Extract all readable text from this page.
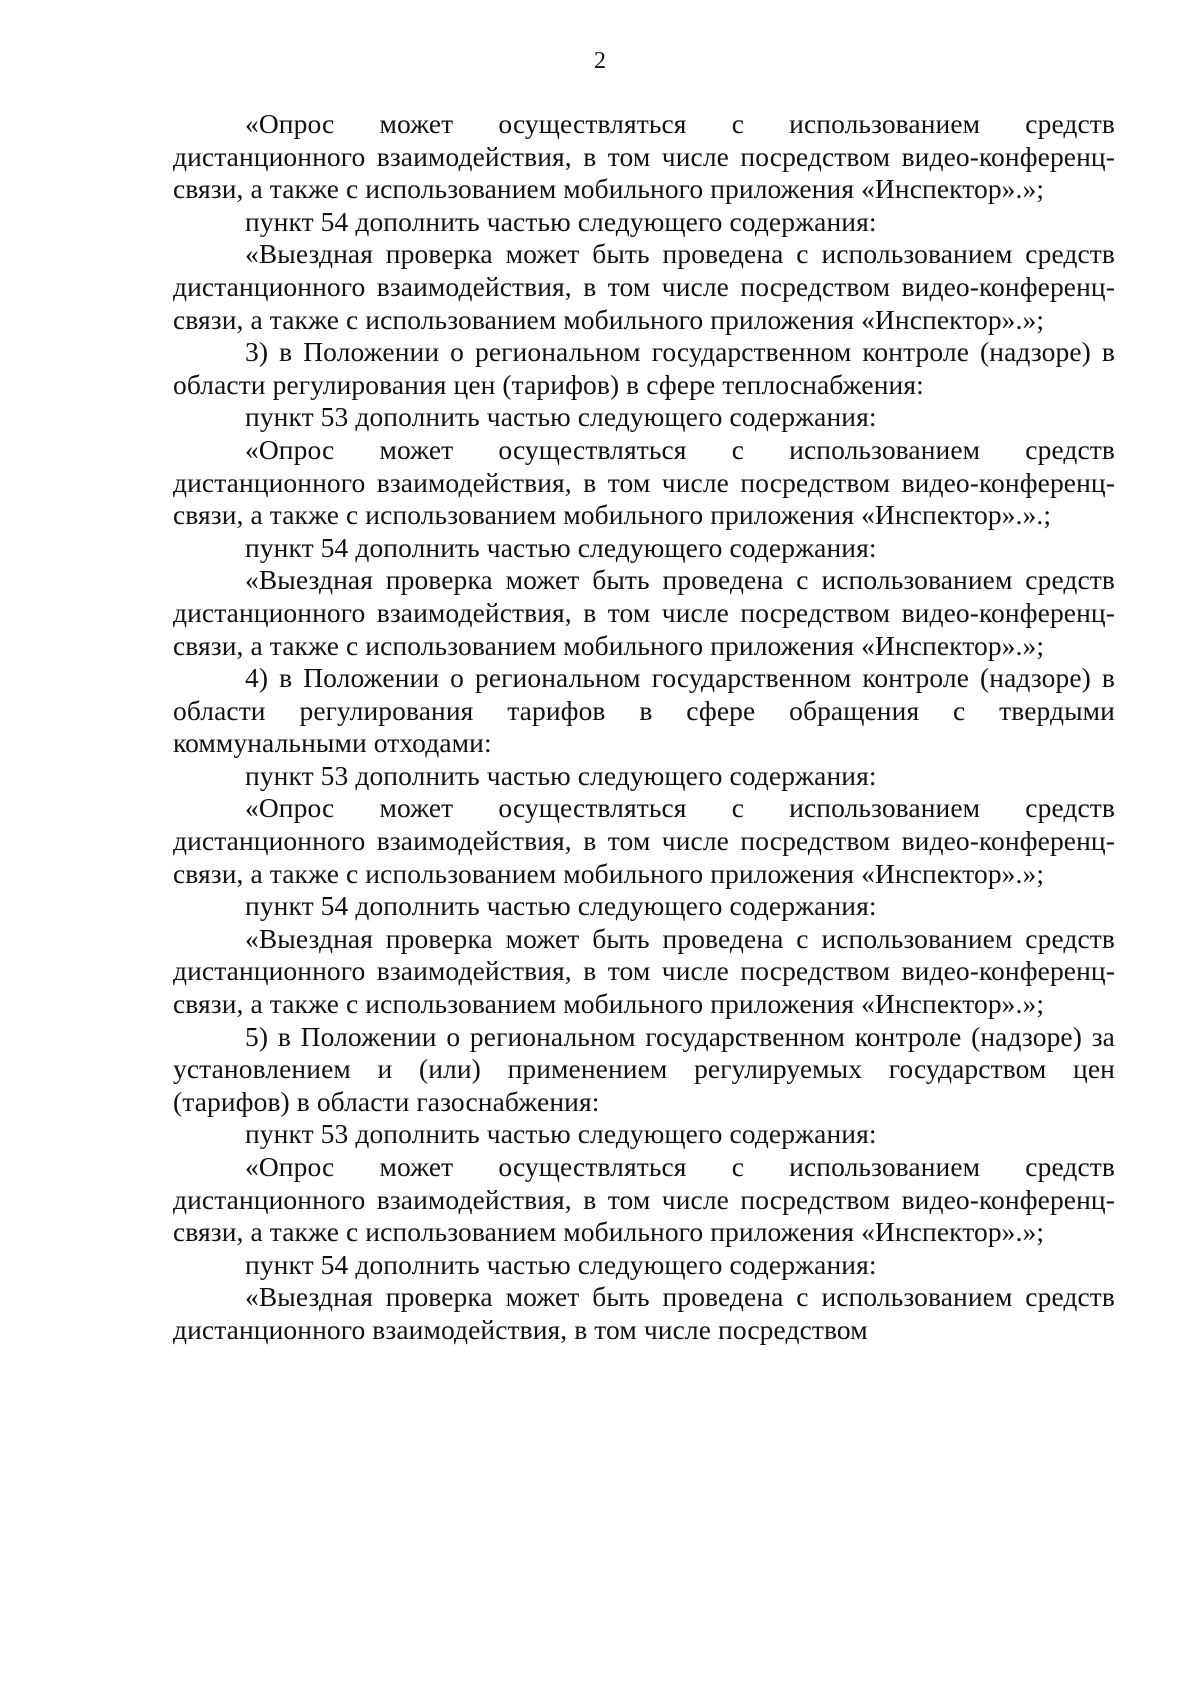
2

«Опрос может осуществляться с использованием средств дистанционного взаимодействия, в том числе посредством видео-конференц-связи, а также с использованием мобильного приложения «Инспектор».»;

пункт 54 дополнить частью следующего содержания:

«Выездная проверка может быть проведена с использованием средств дистанционного взаимодействия, в том числе посредством видео-конференц-связи, а также с использованием мобильного приложения «Инспектор».»;

3) в Положении о региональном государственном контроле (надзоре) в области регулирования цен (тарифов) в сфере теплоснабжения:

пункт 53 дополнить частью следующего содержания:

«Опрос может осуществляться с использованием средств дистанционного взаимодействия, в том числе посредством видео-конференц-связи, а также с использованием мобильного приложения «Инспектор».».;

пункт 54 дополнить частью следующего содержания:

«Выездная проверка может быть проведена с использованием средств дистанционного взаимодействия, в том числе посредством видео-конференц-связи, а также с использованием мобильного приложения «Инспектор».»;

4) в Положении о региональном государственном контроле (надзоре) в области регулирования тарифов в сфере обращения с твердыми коммунальными отходами:

пункт 53 дополнить частью следующего содержания:

«Опрос может осуществляться с использованием средств дистанционного взаимодействия, в том числе посредством видео-конференц-связи, а также с использованием мобильного приложения «Инспектор».»;

пункт 54 дополнить частью следующего содержания:

«Выездная проверка может быть проведена с использованием средств дистанционного взаимодействия, в том числе посредством видео-конференц-связи, а также с использованием мобильного приложения «Инспектор».»;

5) в Положении о региональном государственном контроле (надзоре) за установлением и (или) применением регулируемых государством цен (тарифов) в области газоснабжения:

пункт 53 дополнить частью следующего содержания:

«Опрос может осуществляться с использованием средств дистанционного взаимодействия, в том числе посредством видео-конференц-связи, а также с использованием мобильного приложения «Инспектор».»;

пункт 54 дополнить частью следующего содержания:

«Выездная проверка может быть проведена с использованием средств дистанционного взаимодействия, в том числе посредством
